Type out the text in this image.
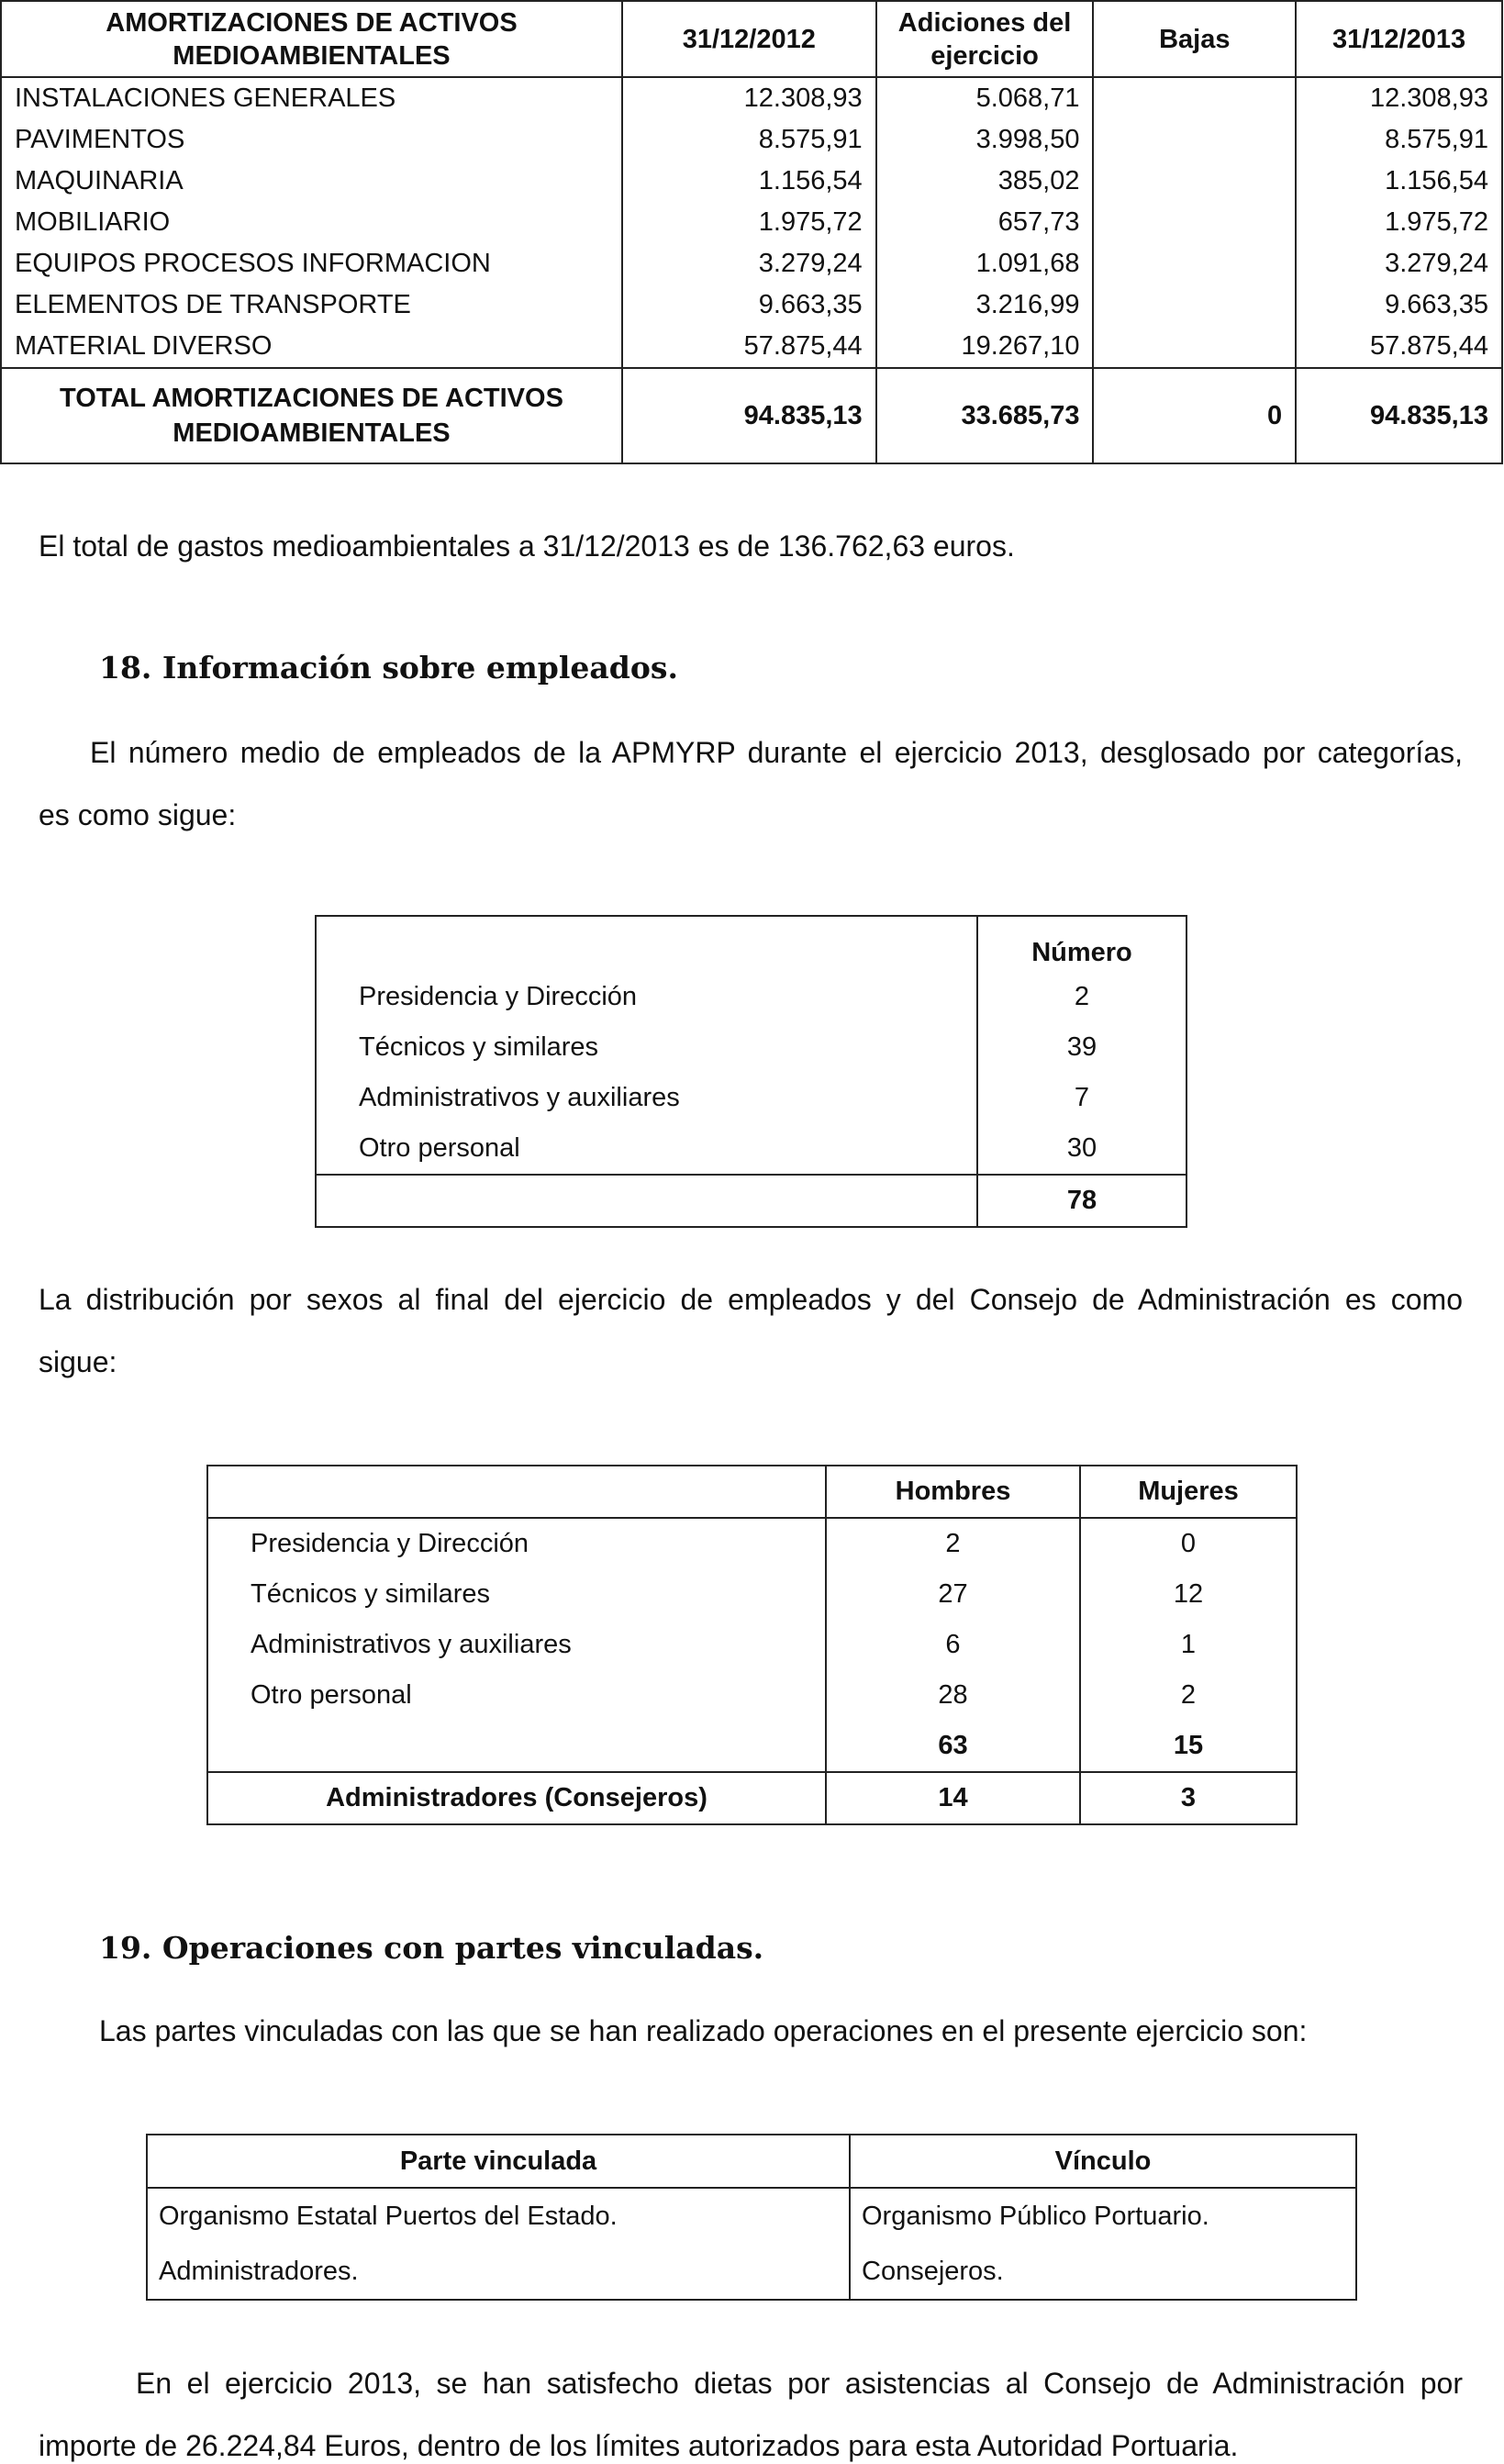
AMORTIZACIONES DE ACTIVOS MEDIOAMBIENTALES	31/12/2012	Adiciones del ejercicio	Bajas	31/12/2013
INSTALACIONES GENERALES	12.308,93	5.068,71		12.308,93
PAVIMENTOS	8.575,91	3.998,50		8.575,91
MAQUINARIA	1.156,54	385,02		1.156,54
MOBILIARIO	1.975,72	657,73		1.975,72
EQUIPOS PROCESOS INFORMACION	3.279,24	1.091,68		3.279,24
ELEMENTOS DE TRANSPORTE	9.663,35	3.216,99		9.663,35
MATERIAL DIVERSO	57.875,44	19.267,10		57.875,44
TOTAL AMORTIZACIONES DE ACTIVOS MEDIOAMBIENTALES	94.835,13	33.685,73	0	94.835,13

El total de gastos medioambientales a 31/12/2013 es de 136.762,63 euros.

18. Información sobre empleados.

El número medio de empleados de la APMYRP durante el ejercicio 2013, desglosado por categorías,

es como sigue:

	Número
Presidencia y Dirección	2
Técnicos y similares	39
Administrativos y auxiliares	7
Otro personal	30
	78

La distribución por sexos al final del ejercicio de empleados y del Consejo de Administración es como

sigue:

	Hombres	Mujeres
Presidencia y Dirección	2	0
Técnicos y similares	27	12
Administrativos y auxiliares	6	1
Otro personal	28	2
	63	15
Administradores (Consejeros)	14	3
19. Operaciones con partes vinculadas.

Las partes vinculadas con las que se han realizado operaciones en el presente ejercicio son:

Parte vinculada	Vínculo
Organismo Estatal Puertos del Estado.	Organismo Público Portuario.
Administradores.	Consejeros.

En el ejercicio 2013, se han satisfecho dietas por asistencias al Consejo de Administración por

importe de 26.224,84 Euros, dentro de los límites autorizados para esta Autoridad Portuaria.
